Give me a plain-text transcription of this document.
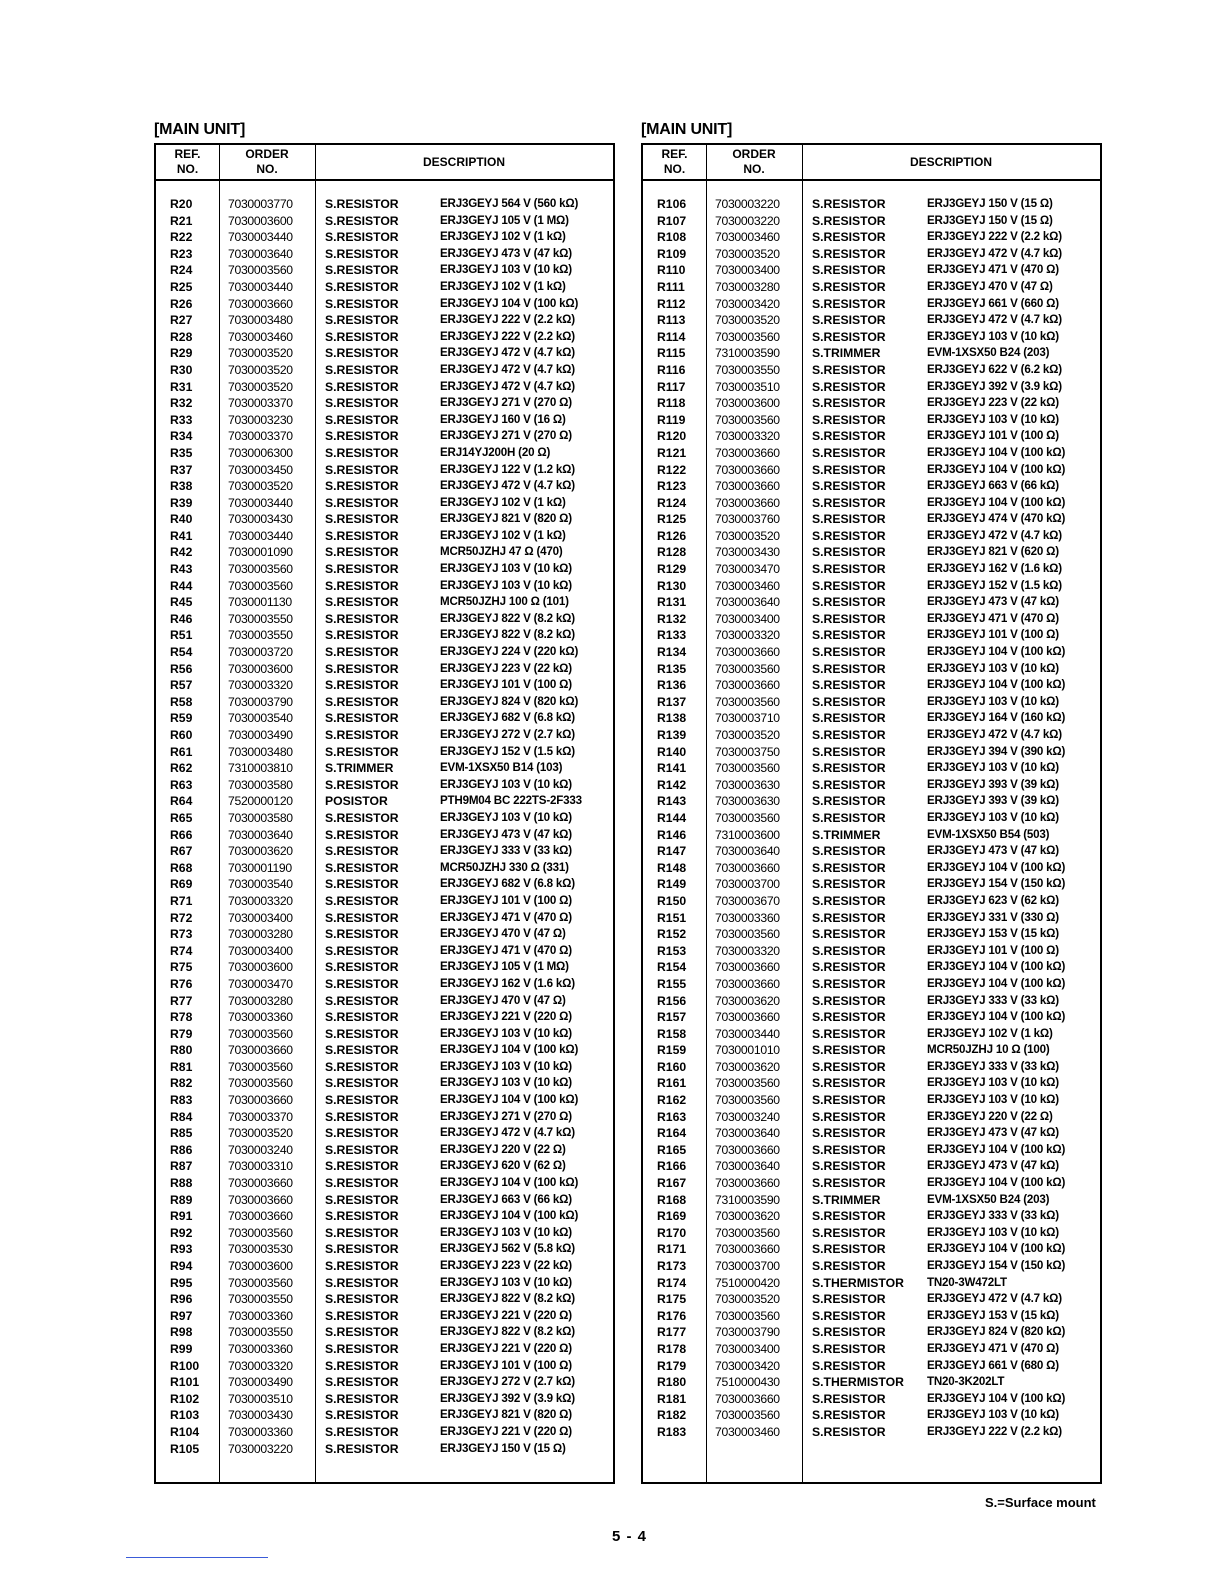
[MAIN UNIT]
REF.
NO.
ORDER
NO.
DESCRIPTION
R20	7030003770	S.RESISTOR	ERJ3GEYJ 564 V (560 kΩ)
R21	7030003600	S.RESISTOR	ERJ3GEYJ 105 V (1 MΩ)
R22	7030003440	S.RESISTOR	ERJ3GEYJ 102 V (1 kΩ)
R23	7030003640	S.RESISTOR	ERJ3GEYJ 473 V (47 kΩ)
R24	7030003560	S.RESISTOR	ERJ3GEYJ 103 V (10 kΩ)
R25	7030003440	S.RESISTOR	ERJ3GEYJ 102 V (1 kΩ)
R26	7030003660	S.RESISTOR	ERJ3GEYJ 104 V (100 kΩ)
R27	7030003480	S.RESISTOR	ERJ3GEYJ 222 V (2.2 kΩ)
R28	7030003460	S.RESISTOR	ERJ3GEYJ 222 V (2.2 kΩ)
R29	7030003520	S.RESISTOR	ERJ3GEYJ 472 V (4.7 kΩ)
R30	7030003520	S.RESISTOR	ERJ3GEYJ 472 V (4.7 kΩ)
R31	7030003520	S.RESISTOR	ERJ3GEYJ 472 V (4.7 kΩ)
R32	7030003370	S.RESISTOR	ERJ3GEYJ 271 V (270 Ω)
R33	7030003230	S.RESISTOR	ERJ3GEYJ 160 V (16 Ω)
R34	7030003370	S.RESISTOR	ERJ3GEYJ 271 V (270 Ω)
R35	7030006300	S.RESISTOR	ERJ14YJ200H (20 Ω)
R37	7030003450	S.RESISTOR	ERJ3GEYJ 122 V (1.2 kΩ)
R38	7030003520	S.RESISTOR	ERJ3GEYJ 472 V (4.7 kΩ)
R39	7030003440	S.RESISTOR	ERJ3GEYJ 102 V (1 kΩ)
R40	7030003430	S.RESISTOR	ERJ3GEYJ 821 V (820 Ω)
R41	7030003440	S.RESISTOR	ERJ3GEYJ 102 V (1 kΩ)
R42	7030001090	S.RESISTOR	MCR50JZHJ 47 Ω (470)
R43	7030003560	S.RESISTOR	ERJ3GEYJ 103 V (10 kΩ)
R44	7030003560	S.RESISTOR	ERJ3GEYJ 103 V (10 kΩ)
R45	7030001130	S.RESISTOR	MCR50JZHJ 100 Ω (101)
R46	7030003550	S.RESISTOR	ERJ3GEYJ 822 V (8.2 kΩ)
R51	7030003550	S.RESISTOR	ERJ3GEYJ 822 V (8.2 kΩ)
R54	7030003720	S.RESISTOR	ERJ3GEYJ 224 V (220 kΩ)
R56	7030003600	S.RESISTOR	ERJ3GEYJ 223 V (22 kΩ)
R57	7030003320	S.RESISTOR	ERJ3GEYJ 101 V (100 Ω)
R58	7030003790	S.RESISTOR	ERJ3GEYJ 824 V (820 kΩ)
R59	7030003540	S.RESISTOR	ERJ3GEYJ 682 V (6.8 kΩ)
R60	7030003490	S.RESISTOR	ERJ3GEYJ 272 V (2.7 kΩ)
R61	7030003480	S.RESISTOR	ERJ3GEYJ 152 V (1.5 kΩ)
R62	7310003810	S.TRIMMER	EVM-1XSX50 B14 (103)
R63	7030003580	S.RESISTOR	ERJ3GEYJ 103 V (10 kΩ)
R64	7520000120	POSISTOR	PTH9M04 BC 222TS-2F333
R65	7030003580	S.RESISTOR	ERJ3GEYJ 103 V (10 kΩ)
R66	7030003640	S.RESISTOR	ERJ3GEYJ 473 V (47 kΩ)
R67	7030003620	S.RESISTOR	ERJ3GEYJ 333 V (33 kΩ)
R68	7030001190	S.RESISTOR	MCR50JZHJ 330 Ω (331)
R69	7030003540	S.RESISTOR	ERJ3GEYJ 682 V (6.8 kΩ)
R71	7030003320	S.RESISTOR	ERJ3GEYJ 101 V (100 Ω)
R72	7030003400	S.RESISTOR	ERJ3GEYJ 471 V (470 Ω)
R73	7030003280	S.RESISTOR	ERJ3GEYJ 470 V (47 Ω)
R74	7030003400	S.RESISTOR	ERJ3GEYJ 471 V (470 Ω)
R75	7030003600	S.RESISTOR	ERJ3GEYJ 105 V (1 MΩ)
R76	7030003470	S.RESISTOR	ERJ3GEYJ 162 V (1.6 kΩ)
R77	7030003280	S.RESISTOR	ERJ3GEYJ 470 V (47 Ω)
R78	7030003360	S.RESISTOR	ERJ3GEYJ 221 V (220 Ω)
R79	7030003560	S.RESISTOR	ERJ3GEYJ 103 V (10 kΩ)
R80	7030003660	S.RESISTOR	ERJ3GEYJ 104 V (100 kΩ)
R81	7030003560	S.RESISTOR	ERJ3GEYJ 103 V (10 kΩ)
R82	7030003560	S.RESISTOR	ERJ3GEYJ 103 V (10 kΩ)
R83	7030003660	S.RESISTOR	ERJ3GEYJ 104 V (100 kΩ)
R84	7030003370	S.RESISTOR	ERJ3GEYJ 271 V (270 Ω)
R85	7030003520	S.RESISTOR	ERJ3GEYJ 472 V (4.7 kΩ)
R86	7030003240	S.RESISTOR	ERJ3GEYJ 220 V (22 Ω)
R87	7030003310	S.RESISTOR	ERJ3GEYJ 620 V (62 Ω)
R88	7030003660	S.RESISTOR	ERJ3GEYJ 104 V (100 kΩ)
R89	7030003660	S.RESISTOR	ERJ3GEYJ 663 V (66 kΩ)
R91	7030003660	S.RESISTOR	ERJ3GEYJ 104 V (100 kΩ)
R92	7030003560	S.RESISTOR	ERJ3GEYJ 103 V (10 kΩ)
R93	7030003530	S.RESISTOR	ERJ3GEYJ 562 V (5.8 kΩ)
R94	7030003600	S.RESISTOR	ERJ3GEYJ 223 V (22 kΩ)
R95	7030003560	S.RESISTOR	ERJ3GEYJ 103 V (10 kΩ)
R96	7030003550	S.RESISTOR	ERJ3GEYJ 822 V (8.2 kΩ)
R97	7030003360	S.RESISTOR	ERJ3GEYJ 221 V (220 Ω)
R98	7030003550	S.RESISTOR	ERJ3GEYJ 822 V (8.2 kΩ)
R99	7030003360	S.RESISTOR	ERJ3GEYJ 221 V (220 Ω)
R100	7030003320	S.RESISTOR	ERJ3GEYJ 101 V (100 Ω)
R101	7030003490	S.RESISTOR	ERJ3GEYJ 272 V (2.7 kΩ)
R102	7030003510	S.RESISTOR	ERJ3GEYJ 392 V (3.9 kΩ)
R103	7030003430	S.RESISTOR	ERJ3GEYJ 821 V (820 Ω)
R104	7030003360	S.RESISTOR	ERJ3GEYJ 221 V (220 Ω)
R105	7030003220	S.RESISTOR	ERJ3GEYJ 150 V (15 Ω)
[MAIN UNIT]
REF.
NO.
ORDER
NO.
DESCRIPTION
R106	7030003220	S.RESISTOR	ERJ3GEYJ 150 V (15 Ω)
R107	7030003220	S.RESISTOR	ERJ3GEYJ 150 V (15 Ω)
R108	7030003460	S.RESISTOR	ERJ3GEYJ 222 V (2.2 kΩ)
R109	7030003520	S.RESISTOR	ERJ3GEYJ 472 V (4.7 kΩ)
R110	7030003400	S.RESISTOR	ERJ3GEYJ 471 V (470 Ω)
R111	7030003280	S.RESISTOR	ERJ3GEYJ 470 V (47 Ω)
R112	7030003420	S.RESISTOR	ERJ3GEYJ 661 V (660 Ω)
R113	7030003520	S.RESISTOR	ERJ3GEYJ 472 V (4.7 kΩ)
R114	7030003560	S.RESISTOR	ERJ3GEYJ 103 V (10 kΩ)
R115	7310003590	S.TRIMMER	EVM-1XSX50 B24 (203)
R116	7030003550	S.RESISTOR	ERJ3GEYJ 622 V (6.2 kΩ)
R117	7030003510	S.RESISTOR	ERJ3GEYJ 392 V (3.9 kΩ)
R118	7030003600	S.RESISTOR	ERJ3GEYJ 223 V (22 kΩ)
R119	7030003560	S.RESISTOR	ERJ3GEYJ 103 V (10 kΩ)
R120	7030003320	S.RESISTOR	ERJ3GEYJ 101 V (100 Ω)
R121	7030003660	S.RESISTOR	ERJ3GEYJ 104 V (100 kΩ)
R122	7030003660	S.RESISTOR	ERJ3GEYJ 104 V (100 kΩ)
R123	7030003660	S.RESISTOR	ERJ3GEYJ 663 V (66 kΩ)
R124	7030003660	S.RESISTOR	ERJ3GEYJ 104 V (100 kΩ)
R125	7030003760	S.RESISTOR	ERJ3GEYJ 474 V (470 kΩ)
R126	7030003520	S.RESISTOR	ERJ3GEYJ 472 V (4.7 kΩ)
R128	7030003430	S.RESISTOR	ERJ3GEYJ 821 V (620 Ω)
R129	7030003470	S.RESISTOR	ERJ3GEYJ 162 V (1.6 kΩ)
R130	7030003460	S.RESISTOR	ERJ3GEYJ 152 V (1.5 kΩ)
R131	7030003640	S.RESISTOR	ERJ3GEYJ 473 V (47 kΩ)
R132	7030003400	S.RESISTOR	ERJ3GEYJ 471 V (470 Ω)
R133	7030003320	S.RESISTOR	ERJ3GEYJ 101 V (100 Ω)
R134	7030003660	S.RESISTOR	ERJ3GEYJ 104 V (100 kΩ)
R135	7030003560	S.RESISTOR	ERJ3GEYJ 103 V (10 kΩ)
R136	7030003660	S.RESISTOR	ERJ3GEYJ 104 V (100 kΩ)
R137	7030003560	S.RESISTOR	ERJ3GEYJ 103 V (10 kΩ)
R138	7030003710	S.RESISTOR	ERJ3GEYJ 164 V (160 kΩ)
R139	7030003520	S.RESISTOR	ERJ3GEYJ 472 V (4.7 kΩ)
R140	7030003750	S.RESISTOR	ERJ3GEYJ 394 V (390 kΩ)
R141	7030003560	S.RESISTOR	ERJ3GEYJ 103 V (10 kΩ)
R142	7030003630	S.RESISTOR	ERJ3GEYJ 393 V (39 kΩ)
R143	7030003630	S.RESISTOR	ERJ3GEYJ 393 V (39 kΩ)
R144	7030003560	S.RESISTOR	ERJ3GEYJ 103 V (10 kΩ)
R146	7310003600	S.TRIMMER	EVM-1XSX50 B54 (503)
R147	7030003640	S.RESISTOR	ERJ3GEYJ 473 V (47 kΩ)
R148	7030003660	S.RESISTOR	ERJ3GEYJ 104 V (100 kΩ)
R149	7030003700	S.RESISTOR	ERJ3GEYJ 154 V (150 kΩ)
R150	7030003670	S.RESISTOR	ERJ3GEYJ 623 V (62 kΩ)
R151	7030003360	S.RESISTOR	ERJ3GEYJ 331 V (330 Ω)
R152	7030003560	S.RESISTOR	ERJ3GEYJ 153 V (15 kΩ)
R153	7030003320	S.RESISTOR	ERJ3GEYJ 101 V (100 Ω)
R154	7030003660	S.RESISTOR	ERJ3GEYJ 104 V (100 kΩ)
R155	7030003660	S.RESISTOR	ERJ3GEYJ 104 V (100 kΩ)
R156	7030003620	S.RESISTOR	ERJ3GEYJ 333 V (33 kΩ)
R157	7030003660	S.RESISTOR	ERJ3GEYJ 104 V (100 kΩ)
R158	7030003440	S.RESISTOR	ERJ3GEYJ 102 V (1 kΩ)
R159	7030001010	S.RESISTOR	MCR50JZHJ 10 Ω (100)
R160	7030003620	S.RESISTOR	ERJ3GEYJ 333 V (33 kΩ)
R161	7030003560	S.RESISTOR	ERJ3GEYJ 103 V (10 kΩ)
R162	7030003560	S.RESISTOR	ERJ3GEYJ 103 V (10 kΩ)
R163	7030003240	S.RESISTOR	ERJ3GEYJ 220 V (22 Ω)
R164	7030003640	S.RESISTOR	ERJ3GEYJ 473 V (47 kΩ)
R165	7030003660	S.RESISTOR	ERJ3GEYJ 104 V (100 kΩ)
R166	7030003640	S.RESISTOR	ERJ3GEYJ 473 V (47 kΩ)
R167	7030003660	S.RESISTOR	ERJ3GEYJ 104 V (100 kΩ)
R168	7310003590	S.TRIMMER	EVM-1XSX50 B24 (203)
R169	7030003620	S.RESISTOR	ERJ3GEYJ 333 V (33 kΩ)
R170	7030003560	S.RESISTOR	ERJ3GEYJ 103 V (10 kΩ)
R171	7030003660	S.RESISTOR	ERJ3GEYJ 104 V (100 kΩ)
R173	7030003700	S.RESISTOR	ERJ3GEYJ 154 V (150 kΩ)
R174	7510000420	S.THERMISTOR	TN20-3W472LT
R175	7030003520	S.RESISTOR	ERJ3GEYJ 472 V (4.7 kΩ)
R176	7030003560	S.RESISTOR	ERJ3GEYJ 153 V (15 kΩ)
R177	7030003790	S.RESISTOR	ERJ3GEYJ 824 V (820 kΩ)
R178	7030003400	S.RESISTOR	ERJ3GEYJ 471 V (470 Ω)
R179	7030003420	S.RESISTOR	ERJ3GEYJ 661 V (680 Ω)
R180	7510000430	S.THERMISTOR	TN20-3K202LT
R181	7030003660	S.RESISTOR	ERJ3GEYJ 104 V (100 kΩ)
R182	7030003560	S.RESISTOR	ERJ3GEYJ 103 V (10 kΩ)
R183	7030003460	S.RESISTOR	ERJ3GEYJ 222 V (2.2 kΩ)
S.=Surface mount
5 - 4
